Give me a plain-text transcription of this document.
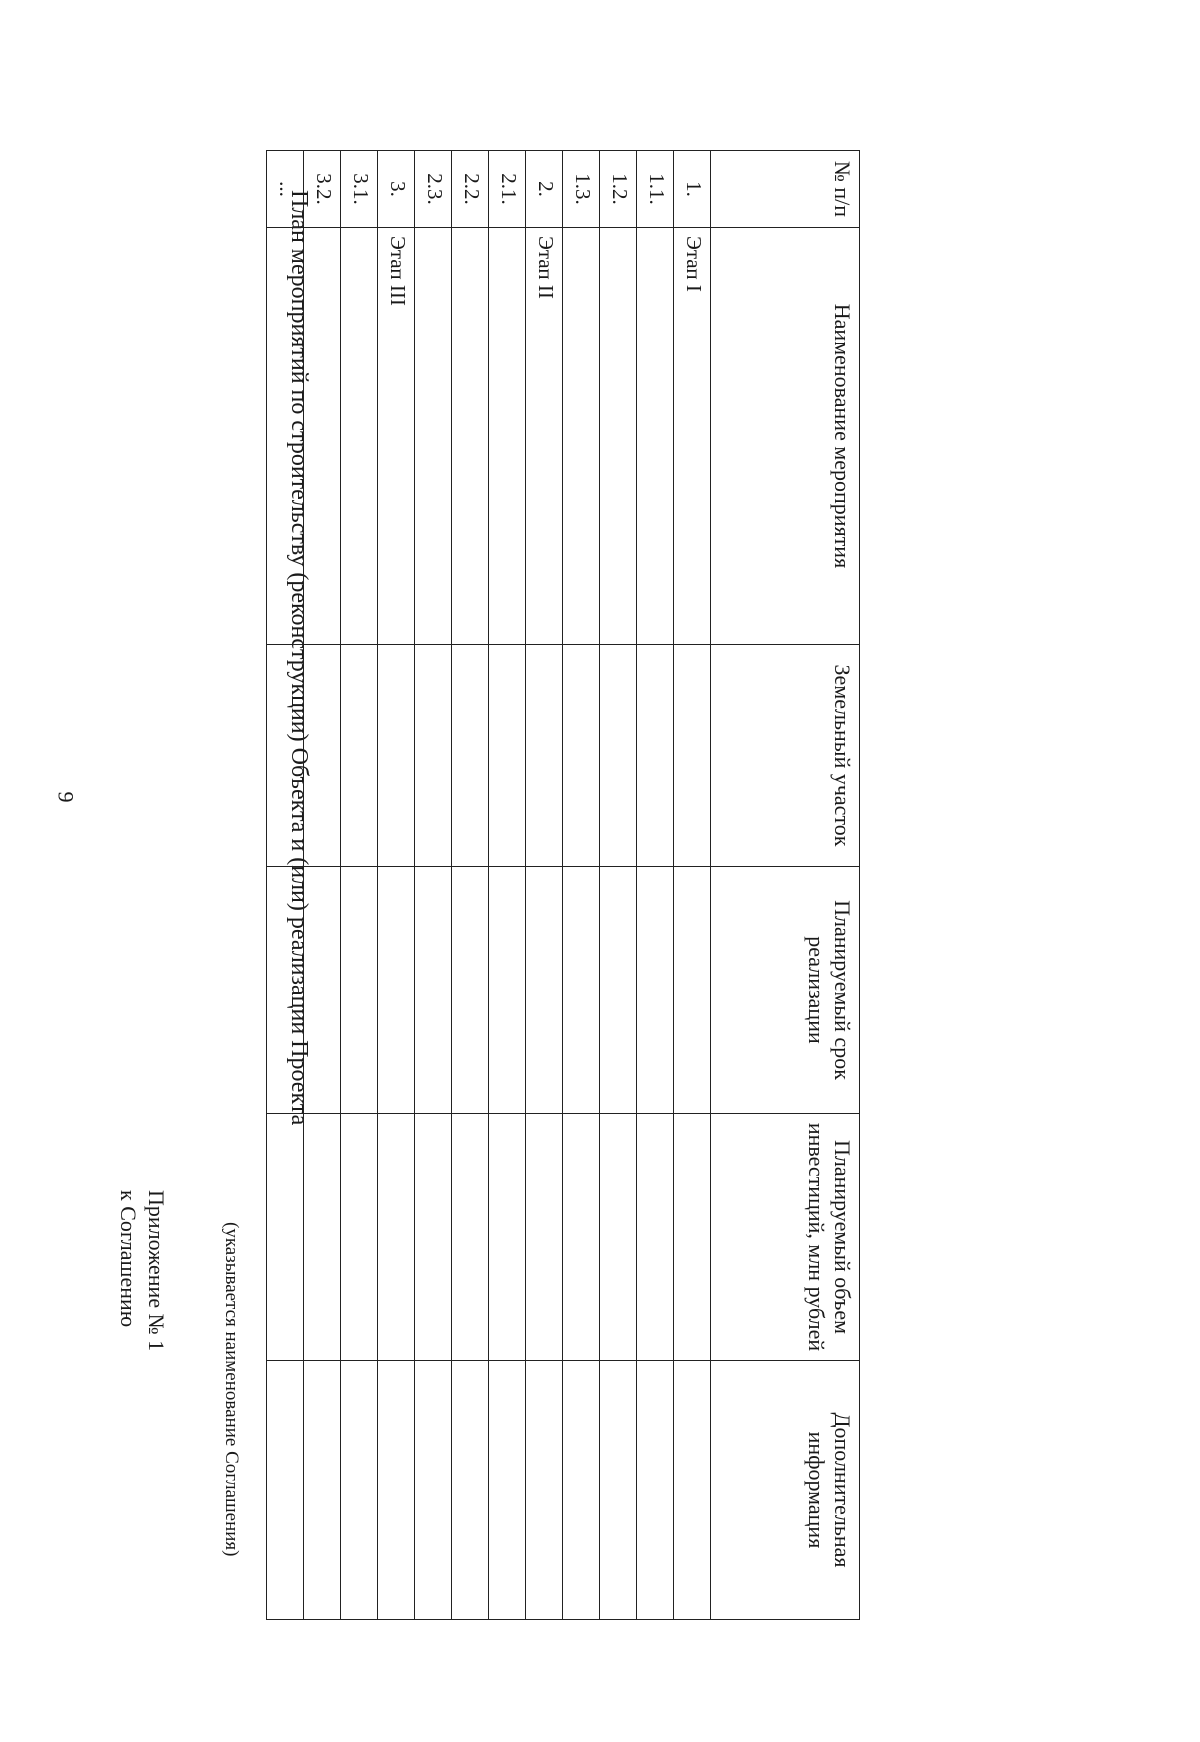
9
Приложение № 1
к Соглашению	(указывается наименование Соглашения)
План мероприятий по строительству (реконструкции) Объекта и (или) реализации Проекта
№ п/п	Наименование мероприятия	Земельный участок	Планируемый срок реализации	Планируемый объем инвестиций, млн рублей	Дополнительная информация
1.	Этап I				
1.1.					
1.2.					
1.3.					
2.	Этап II				
2.1.					
2.2.					
2.3.					
3.	Этап III				
3.1.					
3.2.					
...					
